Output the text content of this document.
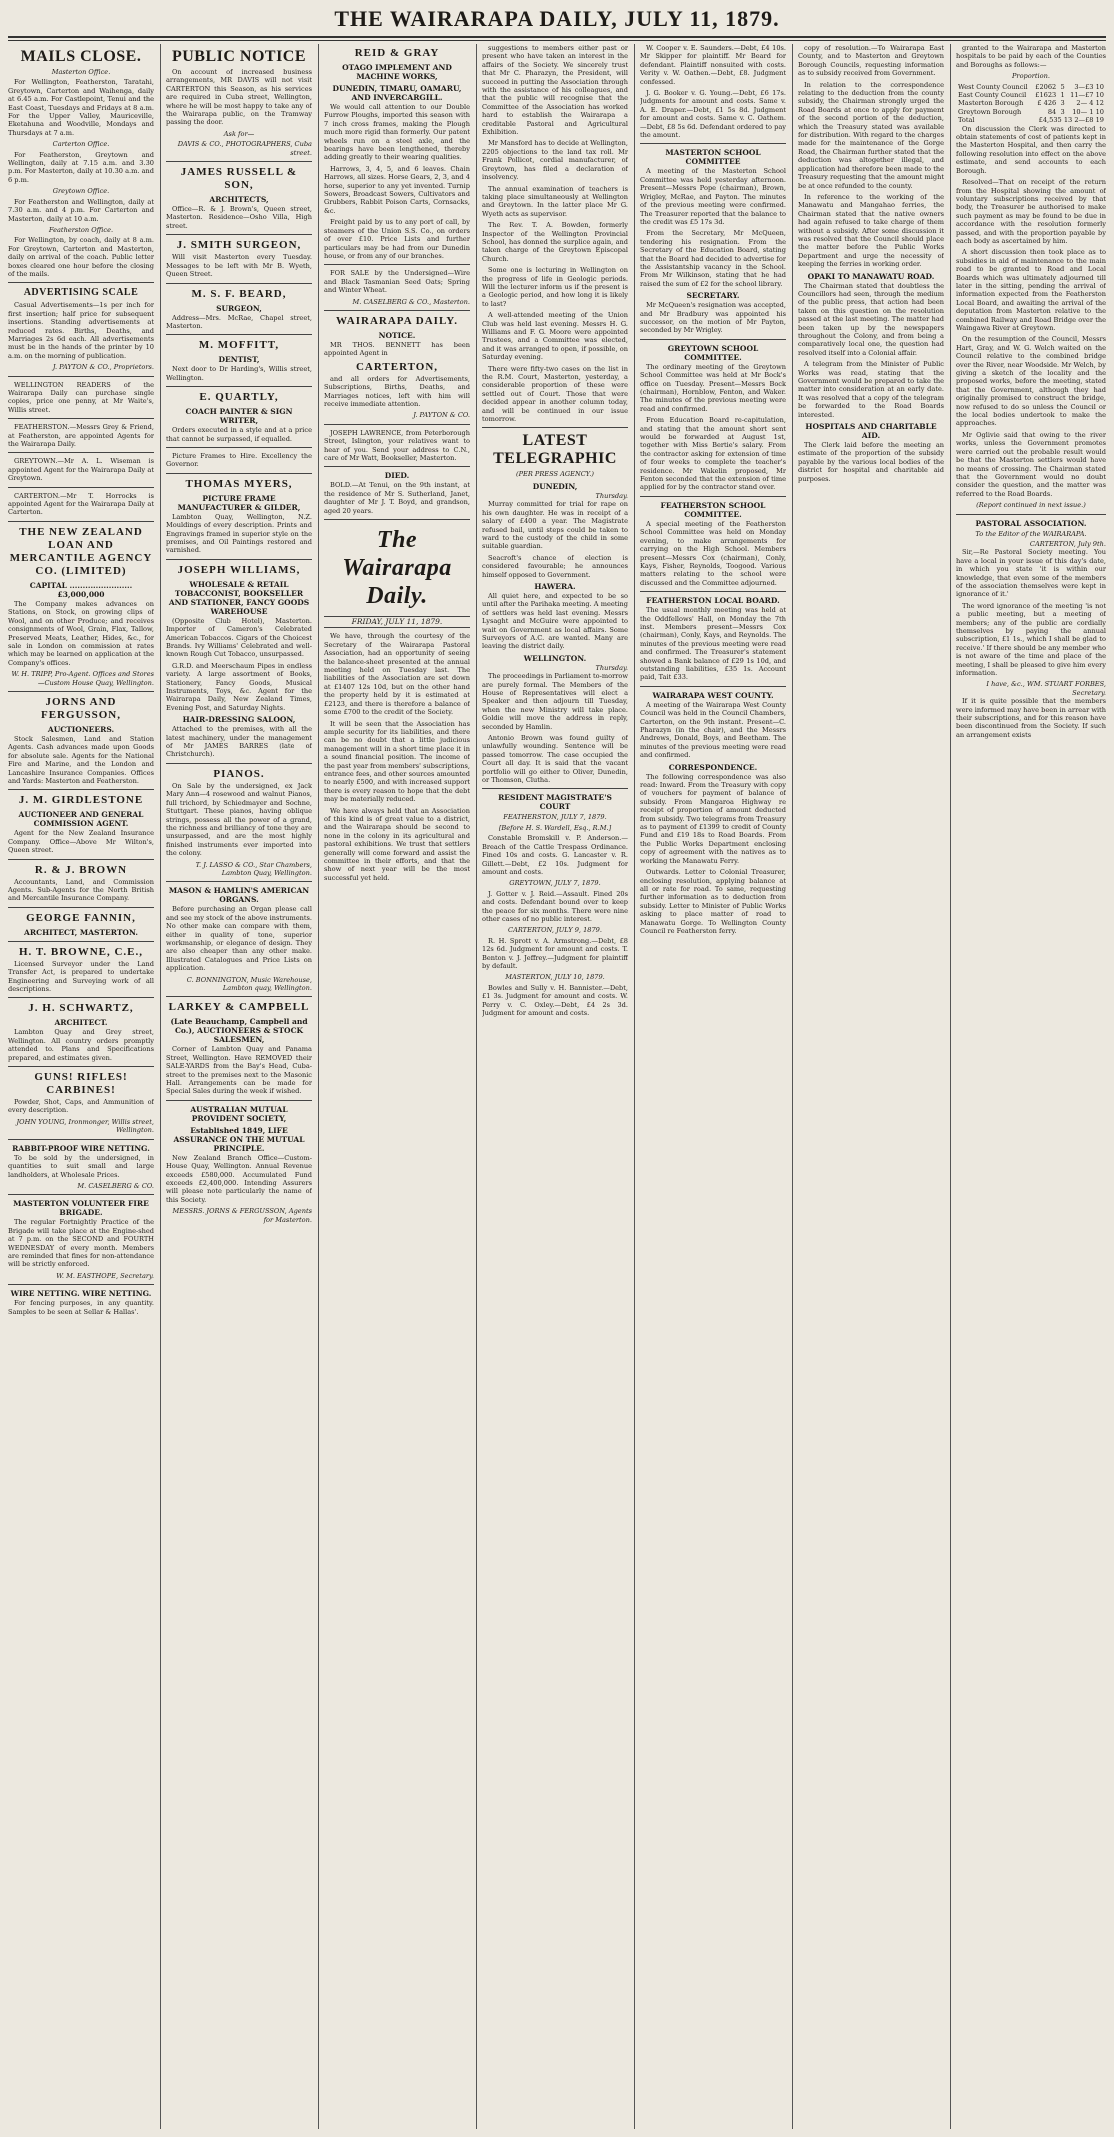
THE WAIRARAPA DAILY, JULY 11, 1879.
MAILS CLOSE.
Masterton Office.

For Wellington, Featherston, Taratahi, Greytown, Carterton and Waihenga, daily at 6.45 a.m. For Castlepoint, Tenui and the East Coast, Tuesdays and Fridays at 8 a.m. For the Upper Valley, Mauriceville, Eketahuna and Woodville, Mondays and Thursdays at 7 a.m.

Carterton Office.

For Featherston, Greytown and Wellington, daily at 7.15 a.m. and 3.30 p.m. For Masterton, daily at 10.30 a.m. and 6 p.m.

Greytown Office.

For Featherston and Wellington, daily at 7.30 a.m. and 4 p.m. For Carterton and Masterton, daily at 10 a.m.

Featherston Office.

For Wellington, by coach, daily at 8 a.m. For Greytown, Carterton and Masterton, daily on arrival of the coach. Public letter boxes cleared one hour before the closing of the mails.

ADVERTISING SCALE

Casual Advertisements—1s per inch for first insertion; half price for subsequent insertions. Standing advertisements at reduced rates. Births, Deaths, and Marriages 2s 6d each. All advertisements must be in the hands of the printer by 10 a.m. on the morning of publication.

J. PAYTON & CO., Proprietors.

WELLINGTON READERS of the Wairarapa Daily can purchase single copies, price one penny, at Mr Waite's, Willis street.

FEATHERSTON.—Messrs Grey & Friend, at Featherston, are appointed Agents for the Wairarapa Daily.

GREYTOWN.—Mr A. L. Wiseman is appointed Agent for the Wairarapa Daily at Greytown.

CARTERTON.—Mr T. Horrocks is appointed Agent for the Wairarapa Daily at Carterton.

THE NEW ZEALAND LOAN AND MERCANTILE AGENCY CO. (LIMITED)
CAPITAL ........................ £3,000,000

The Company makes advances on Stations, on Stock, on growing clips of Wool, and on other Produce; and receives consignments of Wool, Grain, Flax, Tallow, Preserved Meats, Leather, Hides, &c., for sale in London on commission at rates which may be learned on application at the Company's offices.

W. H. TRIPP, Pro-Agent. Offices and Stores—Custom House Quay, Wellington.
JORNS AND FERGUSSON,
AUCTIONEERS.

Stock Salesmen, Land and Station Agents. Cash advances made upon Goods for absolute sale. Agents for the National Fire and Marine, and the London and Lancashire Insurance Companies. Offices and Yards: Masterton and Featherston.

J. M. GIRDLESTONE
AUCTIONEER AND GENERAL COMMISSION AGENT.

Agent for the New Zealand Insurance Company. Office—Above Mr Wilton's, Queen street.

R. & J. BROWN

Accountants, Land, and Commission Agents. Sub-Agents for the North British and Mercantile Insurance Company.

GEORGE FANNIN,
ARCHITECT, MASTERTON.
H. T. BROWNE, C.E.,

Licensed Surveyor under the Land Transfer Act, is prepared to undertake Engineering and Surveying work of all descriptions.

J. H. SCHWARTZ,
ARCHITECT.

Lambton Quay and Grey street, Wellington. All country orders promptly attended to. Plans and Specifications prepared, and estimates given.

GUNS! RIFLES! CARBINES!

Powder, Shot, Caps, and Ammunition of every description.

JOHN YOUNG, Ironmonger, Willis street, Wellington.
RABBIT-PROOF WIRE NETTING.

To be sold by the undersigned, in quantities to suit small and large landholders, at Wholesale Prices.

M. CASELBERG & CO.
MASTERTON VOLUNTEER FIRE BRIGADE.

The regular Fortnightly Practice of the Brigade will take place at the Engine-shed at 7 p.m. on the SECOND and FOURTH WEDNESDAY of every month. Members are reminded that fines for non-attendance will be strictly enforced.

W. M. EASTHOPE, Secretary.
WIRE NETTING. WIRE NETTING.

For fencing purposes, in any quantity. Samples to be seen at Sellar & Hallas'.

PUBLIC NOTICE

On account of increased business arrangements, MR DAVIS will not visit CARTERTON this Season, as his services are required in Cuba street, Wellington, where he will be most happy to take any of the Wairarapa public, on the Tramway passing the door.

Ask for—
DAVIS & CO., PHOTOGRAPHERS, Cuba street.
JAMES RUSSELL & SON,
ARCHITECTS,

Office—R. & J. Brown's, Queen street, Masterton. Residence—Osho Villa, High street.

J. SMITH SURGEON,

Will visit Masterton every Tuesday. Messages to be left with Mr B. Wyeth, Queen Street.

M. S. F. BEARD,
SURGEON,

Address—Mrs. McRae, Chapel street, Masterton.

M. MOFFITT,
DENTIST,

Next door to Dr Harding's, Willis street, Wellington.

E. QUARTLY,
COACH PAINTER & SIGN WRITER,

Orders executed in a style and at a price that cannot be surpassed, if equalled.

Picture Frames to Hire. Excellency the Governor.

THOMAS MYERS,
PICTURE FRAME MANUFACTURER & GILDER,

Lambton Quay, Wellington, N.Z. Mouldings of every description. Prints and Engravings framed in superior style on the premises, and Oil Paintings restored and varnished.

JOSEPH WILLIAMS,
WHOLESALE & RETAIL TOBACCONIST, BOOKSELLER AND STATIONER, FANCY GOODS WAREHOUSE

(Opposite Club Hotel), Masterton. Importer of Cameron's Celebrated American Tobaccos. Cigars of the Choicest Brands. Ivy Williams' Celebrated and well-known Rough Cut Tobacco, unsurpassed.

G.R.D. and Meerschaum Pipes in endless variety. A large assortment of Books, Stationery, Fancy Goods, Musical Instruments, Toys, &c. Agent for the Wairarapa Daily, New Zealand Times, Evening Post, and Saturday Nights.

HAIR-DRESSING SALOON,

Attached to the premises, with all the latest machinery, under the management of Mr JAMES BARRES (late of Christchurch).

PIANOS.

On Sale by the undersigned, ex Jack Mary Ann—4 rosewood and walnut Pianos, full trichord, by Schiedmayer and Sochne, Stuttgart. These pianos, having oblique strings, possess all the power of a grand, the richness and brilliancy of tone they are unsurpassed, and are the most highly finished instruments ever imported into the colony.

T. J. LASSO & CO., Star Chambers, Lambton Quay, Wellington.
MASON & HAMLIN'S AMERICAN ORGANS.

Before purchasing an Organ please call and see my stock of the above instruments. No other make can compare with them, either in quality of tone, superior workmanship, or elegance of design. They are also cheaper than any other make. Illustrated Catalogues and Price Lists on application.

C. BONNINGTON, Music Warehouse, Lambton quay, Wellington.
LARKEY & CAMPBELL
(Late Beauchamp, Campbell and Co.), AUCTIONEERS & STOCK SALESMEN,

Corner of Lambton Quay and Panama Street, Wellington. Have REMOVED their SALE-YARDS from the Bay's Head, Cuba-street to the premises next to the Masonic Hall. Arrangements can be made for Special Sales during the week if wished.

AUSTRALIAN MUTUAL PROVIDENT SOCIETY,
Established 1849, LIFE ASSURANCE ON THE MUTUAL PRINCIPLE.

New Zealand Branch Office—Custom-House Quay, Wellington. Annual Revenue exceeds £580,000. Accumulated Fund exceeds £2,400,000. Intending Assurers will please note particularly the name of this Society.

MESSRS. JORNS & FERGUSSON, Agents for Masterton.
REID & GRAY
OTAGO IMPLEMENT AND MACHINE WORKS,
DUNEDIN, TIMARU, OAMARU, AND INVERCARGILL.

We would call attention to our Double Furrow Ploughs, imported this season with 7 inch cross frames, making the Plough much more rigid than formerly. Our patent wheels run on a steel axle, and the bearings have been lengthened, thereby adding greatly to their wearing qualities.

Harrows, 3, 4, 5, and 6 leaves. Chain Harrows, all sizes. Horse Gears, 2, 3, and 4 horse, superior to any yet invented. Turnip Sowers, Broadcast Sowers, Cultivators and Grubbers, Rabbit Poison Carts, Cornsacks, &c.

Freight paid by us to any port of call, by steamers of the Union S.S. Co., on orders of over £10. Price Lists and further particulars may be had from our Dunedin house, or from any of our branches.

FOR SALE by the Undersigned—Wire and Black Tasmanian Seed Oats; Spring and Winter Wheat.

M. CASELBERG & CO., Masterton.
WAIRARAPA DAILY.
NOTICE.

MR THOS. BENNETT has been appointed Agent in

CARTERTON,

and all orders for Advertisements, Subscriptions, Births, Deaths, and Marriages notices, left with him will receive immediate attention.

J. PAYTON & CO.

JOSEPH LAWRENCE, from Peterborough Street, Islington, your relatives want to hear of you. Send your address to C.N., care of Mr Watt, Bookseller, Masterton.

DIED.

BOLD.—At Tenui, on the 9th instant, at the residence of Mr S. Sutherland, Janet, daughter of Mr J. T. Boyd, and grandson, aged 20 years.

The Wairarapa Daily.
FRIDAY, JULY 11, 1879.

We have, through the courtesy of the Secretary of the Wairarapa Pastoral Association, had an opportunity of seeing the balance-sheet presented at the annual meeting held on Tuesday last. The liabilities of the Association are set down at £1407 12s 10d, but on the other hand the property held by it is estimated at £2123, and there is therefore a balance of some £700 to the credit of the Society.

It will be seen that the Association has ample security for its liabilities, and there can be no doubt that a little judicious management will in a short time place it in a sound financial position. The income of the past year from members' subscriptions, entrance fees, and other sources amounted to nearly £500, and with increased support there is every reason to hope that the debt may be materially reduced.

We have always held that an Association of this kind is of great value to a district, and the Wairarapa should be second to none in the colony in its agricultural and pastoral exhibitions. We trust that settlers generally will come forward and assist the committee in their efforts, and that the show of next year will be the most successful yet held.

suggestions to members either past or present who have taken an interest in the affairs of the Society. We sincerely trust that Mr C. Pharazyn, the President, will succeed in putting the Association through with the assistance of his colleagues, and that the public will recognise that the Committee of the Association has worked hard to establish the Wairarapa a creditable Pastoral and Agricultural Exhibition.

Mr Mansford has to decide at Wellington, 2205 objections to the land tax roll. Mr Frank Pollicot, cordial manufacturer, of Greytown, has filed a declaration of insolvency.

The annual examination of teachers is taking place simultaneously at Wellington and Greytown. In the latter place Mr G. Wyeth acts as supervisor.

The Rev. T. A. Bowden, formerly Inspector of the Wellington Provincial School, has donned the surplice again, and taken charge of the Greytown Episcopal Church.

Some one is lecturing in Wellington on the progress of life in Geologic periods. Will the lecturer inform us if the present is a Geologic period, and how long it is likely to last?

A well-attended meeting of the Union Club was held last evening. Messrs H. G. Williams and F. G. Moore were appointed Trustees, and a Committee was elected, and it was arranged to open, if possible, on Saturday evening.

There were fifty-two cases on the list in the R.M. Court, Masterton, yesterday, a considerable proportion of these were settled out of Court. Those that were decided appear in another column today, and will be continued in our issue tomorrow.

LATEST TELEGRAPHIC
(PER PRESS AGENCY.)
DUNEDIN,
Thursday.

Murray committed for trial for rape on his own daughter. He was in receipt of a salary of £400 a year. The Magistrate refused bail, until steps could be taken to ward to the custody of the child in some suitable guardian.

Seacroft's chance of election is considered favourable; he announces himself opposed to Government.

HAWERA.

All quiet here, and expected to be so until after the Parihaka meeting. A meeting of settlers was held last evening. Messrs Lysaght and McGuire were appointed to wait on Government as local affairs. Some Surveyors of A.C. are wanted. Many are leaving the district daily.

WELLINGTON.
Thursday.

The proceedings in Parliament to-morrow are purely formal. The Members of the House of Representatives will elect a Speaker and then adjourn till Tuesday, when the new Ministry will take place. Goldie will move the address in reply, seconded by Hamlin.

Antonio Brown was found guilty of unlawfully wounding. Sentence will be passed tomorrow. The case occupied the Court all day. It is said that the vacant portfolio will go either to Oliver, Dunedin, or Thomson, Clutha.

RESIDENT MAGISTRATE'S COURT
FEATHERSTON, JULY 7, 1879.
[Before H. S. Wardell, Esq., R.M.]

Constable Bromskill v. P. Anderson.—Breach of the Cattle Trespass Ordinance. Fined 10s and costs. G. Lancaster v. R. Gillett.—Debt, £2 10s. Judgment for amount and costs.

GREYTOWN, JULY 7, 1879.

J. Gotter v. J. Reid.—Assault. Fined 20s and costs. Defendant bound over to keep the peace for six months. There were nine other cases of no public interest.

CARTERTON, JULY 9, 1879.

R. H. Sprott v. A. Armstrong.—Debt, £8 12s 6d. Judgment for amount and costs. T. Benton v. J. Jeffrey.—Judgment for plaintiff by default.

MASTERTON, JULY 10, 1879.

Bowles and Sully v. H. Bannister.—Debt, £1 3s. Judgment for amount and costs. W. Perry v. C. Oxley.—Debt, £4 2s 3d. Judgment for amount and costs.

W. Cooper v. E. Saunders.—Debt, £4 10s. Mr Skipper for plaintiff. Mr Beard for defendant. Plaintiff nonsuited with costs. Verity v. W. Oathen.—Debt, £8. Judgment confessed.

J. G. Booker v. G. Young.—Debt, £6 17s. Judgments for amount and costs. Same v. A. E. Draper.—Debt, £1 5s 8d. Judgment for amount and costs. Same v. C. Oathem.—Debt, £8 5s 6d. Defendant ordered to pay the amount.

MASTERTON SCHOOL COMMITTEE

A meeting of the Masterton School Committee was held yesterday afternoon. Present—Messrs Pope (chairman), Brown, Wrigley, McRae, and Payton. The minutes of the previous meeting were confirmed. The Treasurer reported that the balance to the credit was £5 17s 3d.

From the Secretary, Mr McQueen, tendering his resignation. From the Secretary of the Education Board, stating that the Board had decided to advertise for the Assistantship vacancy in the School. From Mr Wilkinson, stating that he had raised the sum of £2 for the school library.

SECRETARY.

Mr McQueen's resignation was accepted, and Mr Bradbury was appointed his successor, on the motion of Mr Payton, seconded by Mr Wrigley.

GREYTOWN SCHOOL COMMITTEE.

The ordinary meeting of the Greytown School Committee was held at Mr Bock's office on Tuesday. Present—Messrs Bock (chairman), Hornblow, Fenton, and Waker. The minutes of the previous meeting were read and confirmed.

From Education Board re-capitulation, and stating that the amount short sent would be forwarded at August 1st, together with Miss Bertie's salary. From the contractor asking for extension of time of four weeks to complete the teacher's residence. Mr Wakelin proposed, Mr Fenton seconded that the extension of time applied for by the contractor stand over.

FEATHERSTON SCHOOL COMMITTEE.

A special meeting of the Featherston School Committee was held on Monday evening, to make arrangements for carrying on the High School. Members present—Messrs Cox (chairman), Conly, Kays, Fisher, Reynolds, Toogood. Various matters relating to the school were discussed and the Committee adjourned.

FEATHERSTON LOCAL BOARD.

The usual monthly meeting was held at the Oddfellows' Hall, on Monday the 7th inst. Members present—Messrs Cox (chairman), Conly, Kays, and Reynolds. The minutes of the previous meeting were read and confirmed. The Treasurer's statement showed a Bank balance of £29 1s 10d, and outstanding liabilities, £35 1s. Account paid, Tait £33.

WAIRARAPA WEST COUNTY.

A meeting of the Wairarapa West County Council was held in the Council Chambers, Carterton, on the 9th instant. Present—C. Pharazyn (in the chair), and the Messrs Andrews, Donald, Boys, and Beetham. The minutes of the previous meeting were read and confirmed.

CORRESPONDENCE.

The following correspondence was also read: Inward. From the Treasury with copy of vouchers for payment of balance of subsidy. From Mangaroa Highway re receipt of proportion of amount deducted from subsidy. Two telegrams from Treasury as to payment of £1399 to credit of County Fund and £19 18s to Road Boards. From the Public Works Department enclosing copy of agreement with the natives as to working the Manawatu Ferry.

Outwards. Letter to Colonial Treasurer, enclosing resolution, applying balance at all or rate for road. To same, requesting further information as to deduction from subsidy. Letter to Minister of Public Works asking to place matter of road to Manawatu Gorge. To Wellington County Council re Featherston ferry.

copy of resolution.—To Wairarapa East County, and to Masterton and Greytown Borough Councils, requesting information as to subsidy received from Government.

In relation to the correspondence relating to the deduction from the county subsidy, the Chairman strongly urged the Road Boards at once to apply for payment of the second portion of the deduction, which the Treasury stated was available for distribution. With regard to the charges made for the maintenance of the Gorge Road, the Chairman further stated that the deduction was altogether illegal, and application had therefore been made to the Treasury requesting that the amount might be at once refunded to the county.

In reference to the working of the Manawatu and Mangahao ferries, the Chairman stated that the native owners had again refused to take charge of them without a subsidy. After some discussion it was resolved that the Council should place the matter before the Public Works Department and urge the necessity of keeping the ferries in working order.

OPAKI TO MANAWATU ROAD.

The Chairman stated that doubtless the Councillors had seen, through the medium of the public press, that action had been taken on this question on the resolution passed at the last meeting. The matter had been taken up by the newspapers throughout the Colony, and from being a comparatively local one, the question had resolved itself into a Colonial affair.

A telegram from the Minister of Public Works was read, stating that the Government would be prepared to take the matter into consideration at an early date. It was resolved that a copy of the telegram be forwarded to the Road Boards interested.

HOSPITALS AND CHARITABLE AID.

The Clerk laid before the meeting an estimate of the proportion of the subsidy payable by the various local bodies of the district for hospital and charitable aid purposes.

granted to the Wairarapa and Masterton hospitals to be paid by each of the Counties and Boroughs as follows:—

Proportion.
West County Council	£2062	5	3—£3 10
East County Council	£1623	1	11—£7 10
Masterton Borough	£ 426	3	2— 4 12
Greytown Borough	84	3	10— 1 10
Total	£4,535 13 2—£8 19		

On discussion the Clerk was directed to obtain statements of cost of patients kept in the Masterton Hospital, and then carry the following resolution into effect on the above estimate, and send accounts to each Borough.

Resolved—That on receipt of the return from the Hospital showing the amount of voluntary subscriptions received by that body, the Treasurer be authorised to make such payment as may be found to be due in accordance with the resolution formerly passed, and with the proportion payable by each body as ascertained by him.

A short discussion then took place as to subsidies in aid of maintenance to the main road to be granted to Road and Local Boards which was ultimately adjourned till later in the sitting, pending the arrival of information expected from the Featherston Local Board, and awaiting the arrival of the deputation from Masterton relative to the combined Railway and Road Bridge over the Waingawa River at Greytown.

On the resumption of the Council, Messrs Hart, Gray, and W. G. Welch waited on the Council relative to the combined bridge over the River, near Woodside. Mr Welch, by giving a sketch of the locality and the proposed works, before the meeting, stated that the Government, although they had originally promised to construct the bridge, now refused to do so unless the Council or the local bodies undertook to make the approaches.

Mr Oglivie said that owing to the river works, unless the Government promotes were carried out the probable result would be that the Masterton settlers would have no means of crossing. The Chairman stated that the Government would no doubt consider the question, and the matter was referred to the Road Boards.

(Report continued in next issue.)
PASTORAL ASSOCIATION.
To the Editor of the WAIRARAPA.
CARTERTON, July 9th.

Sir,—Re Pastoral Society meeting. You have a local in your issue of this day's date, in which you state 'it is within our knowledge, that even some of the members of the association themselves were kept in ignorance of it.'

The word ignorance of the meeting 'is not a public meeting, but a meeting of members; any of the public are cordially themselves by paying the annual subscription, £1 1s., which I shall be glad to receive.' If there should be any member who is not aware of the time and place of the meeting, I shall be pleased to give him every information.

I have, &c., WM. STUART FORBES, Secretary.

If it is quite possible that the members were informed may have been in arrear with their subscriptions, and for this reason have been discontinued from the Society. If such an arrangement exists
